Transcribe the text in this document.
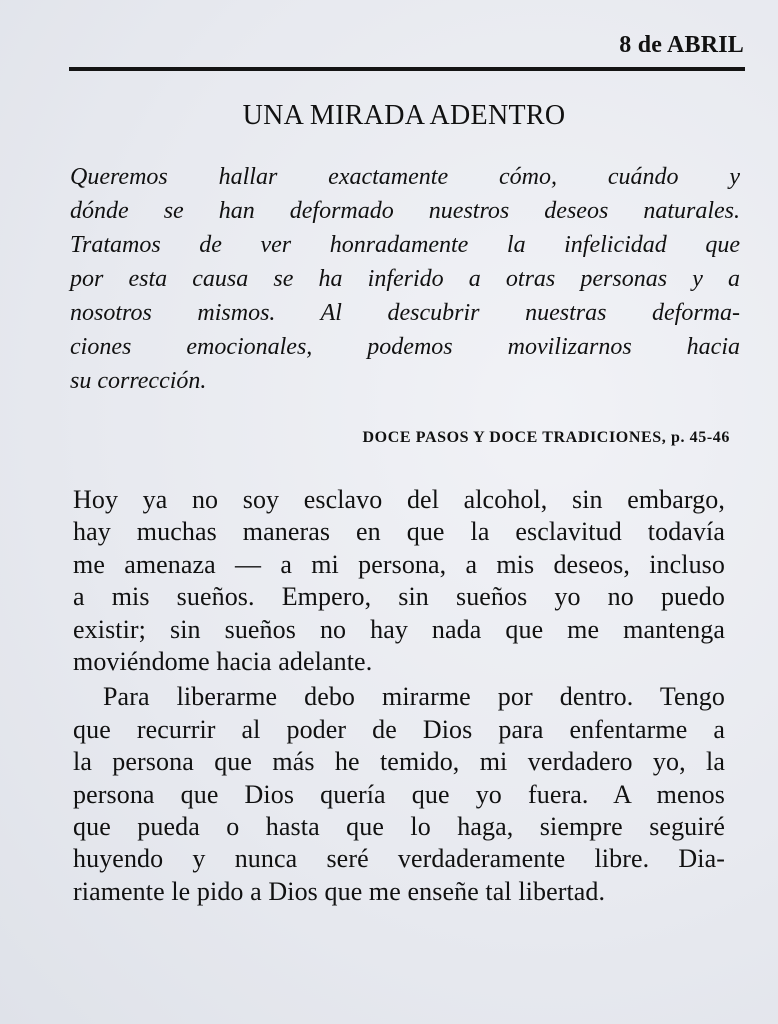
8 de ABRIL
UNA MIRADA ADENTRO
Queremos hallar exactamente cómo, cuándo y
dónde se han deformado nuestros deseos naturales.
Tratamos de ver honradamente la infelicidad que
por esta causa se ha inferido a otras personas y a
nosotros mismos. Al descubrir nuestras deforma-
ciones emocionales, podemos movilizarnos hacia
su corrección.
DOCE PASOS Y DOCE TRADICIONES, p. 45-46
Hoy ya no soy esclavo del alcohol, sin embargo,
hay muchas maneras en que la esclavitud todavía
me amenaza — a mi persona, a mis deseos, incluso
a mis sueños. Empero, sin sueños yo no puedo
existir; sin sueños no hay nada que me mantenga
moviéndome hacia adelante.
Para liberarme debo mirarme por dentro. Tengo
que recurrir al poder de Dios para enfentarme a
la persona que más he temido, mi verdadero yo, la
persona que Dios quería que yo fuera. A menos
que pueda o hasta que lo haga, siempre seguiré
huyendo y nunca seré verdaderamente libre. Dia-
riamente le pido a Dios que me enseñe tal libertad.
